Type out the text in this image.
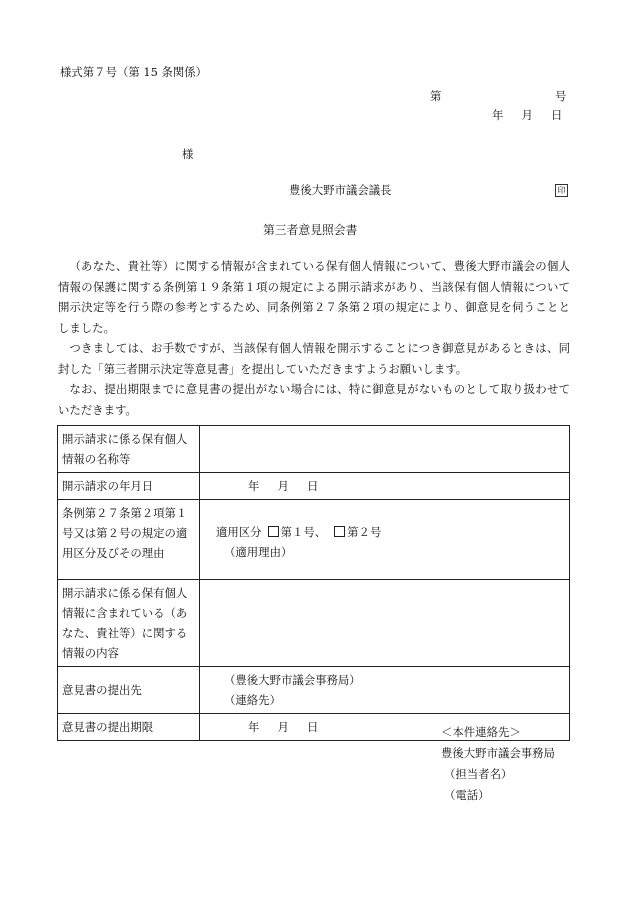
様式第７号（第 15 条関係）
第	号
年 月 日
様
豊後大野市議会議長	印
第三者意見照会書
（あなた、貴社等）に関する情報が含まれている保有個人情報について、豊後大野市議会の個人情報の保護に関する条例第１９条第１項の規定による開示請求があり、当該保有個人情報について開示決定等を行う際の参考とするため、同条例第２７条第２項の規定により、御意見を伺うこととしました。
つきましては、お手数ですが、当該保有個人情報を開示することにつき御意見があるときは、同封した「第三者開示決定等意見書」を提出していただきますようお願いします。
なお、提出期限までに意見書の提出がない場合には、特に御意見がないものとして取り扱わせていただきます。
開示請求に係る保有個人情報の名称等	
開示請求の年月日	年 月 日
条例第２７条第２項第１号又は第２号の規定の適用区分及びその理由	適用区分 第１号、 第２号
（適用理由）

開示請求に係る保有個人情報に含まれている（あなた、貴社等）に関する情報の内容	
意見書の提出先	（豊後大野市議会事務局）
（連絡先）

意見書の提出期限	年 月 日	＜本件連絡先＞
豊後大野市議会事務局
（担当者名）
（電話）
